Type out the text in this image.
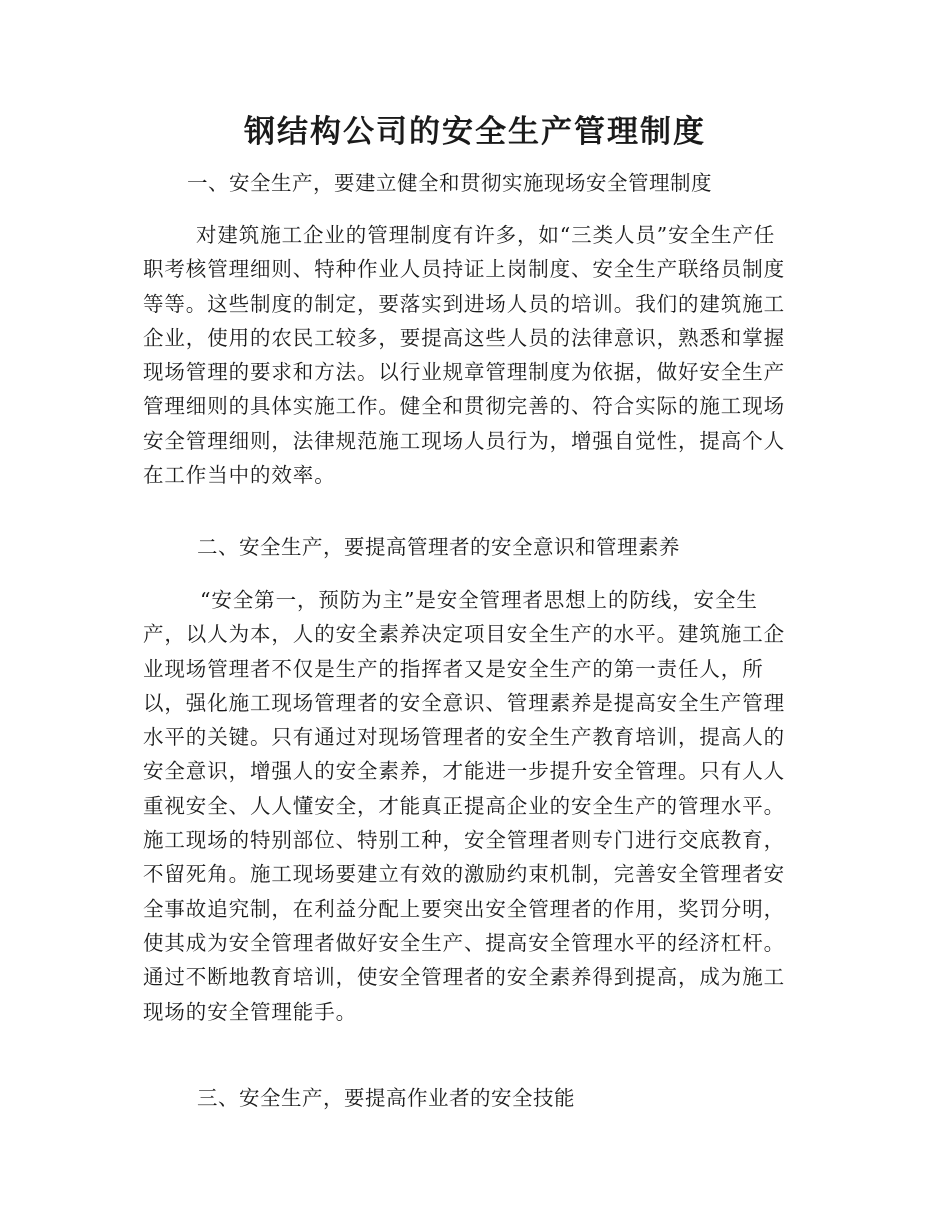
钢结构公司的安全生产管理制度
一、安全生产，要建立健全和贯彻实施现场安全管理制度
对建筑施工企业的管理制度有许多，如“三类人员”安全生产任
职考核管理细则、特种作业人员持证上岗制度、安全生产联络员制度
等等。这些制度的制定，要落实到进场人员的培训。我们的建筑施工
企业，使用的农民工较多，要提高这些人员的法律意识，熟悉和掌握
现场管理的要求和方法。以行业规章管理制度为依据，做好安全生产
管理细则的具体实施工作。健全和贯彻完善的、符合实际的施工现场
安全管理细则，法律规范施工现场人员行为，增强自觉性，提高个人
在工作当中的效率。
二、安全生产，要提高管理者的安全意识和管理素养
“安全第一，预防为主”是安全管理者思想上的防线，安全生
产，以人为本，人的安全素养决定项目安全生产的水平。建筑施工企
业现场管理者不仅是生产的指挥者又是安全生产的第一责任人，所
以，强化施工现场管理者的安全意识、管理素养是提高安全生产管理
水平的关键。只有通过对现场管理者的安全生产教育培训，提高人的
安全意识，增强人的安全素养，才能进一步提升安全管理。只有人人
重视安全、人人懂安全，才能真正提高企业的安全生产的管理水平。
施工现场的特别部位、特别工种，安全管理者则专门进行交底教育，
不留死角。施工现场要建立有效的激励约束机制，完善安全管理者安
全事故追究制，在利益分配上要突出安全管理者的作用，奖罚分明，
使其成为安全管理者做好安全生产、提高安全管理水平的经济杠杆。
通过不断地教育培训，使安全管理者的安全素养得到提高，成为施工
现场的安全管理能手。
三、安全生产，要提高作业者的安全技能
